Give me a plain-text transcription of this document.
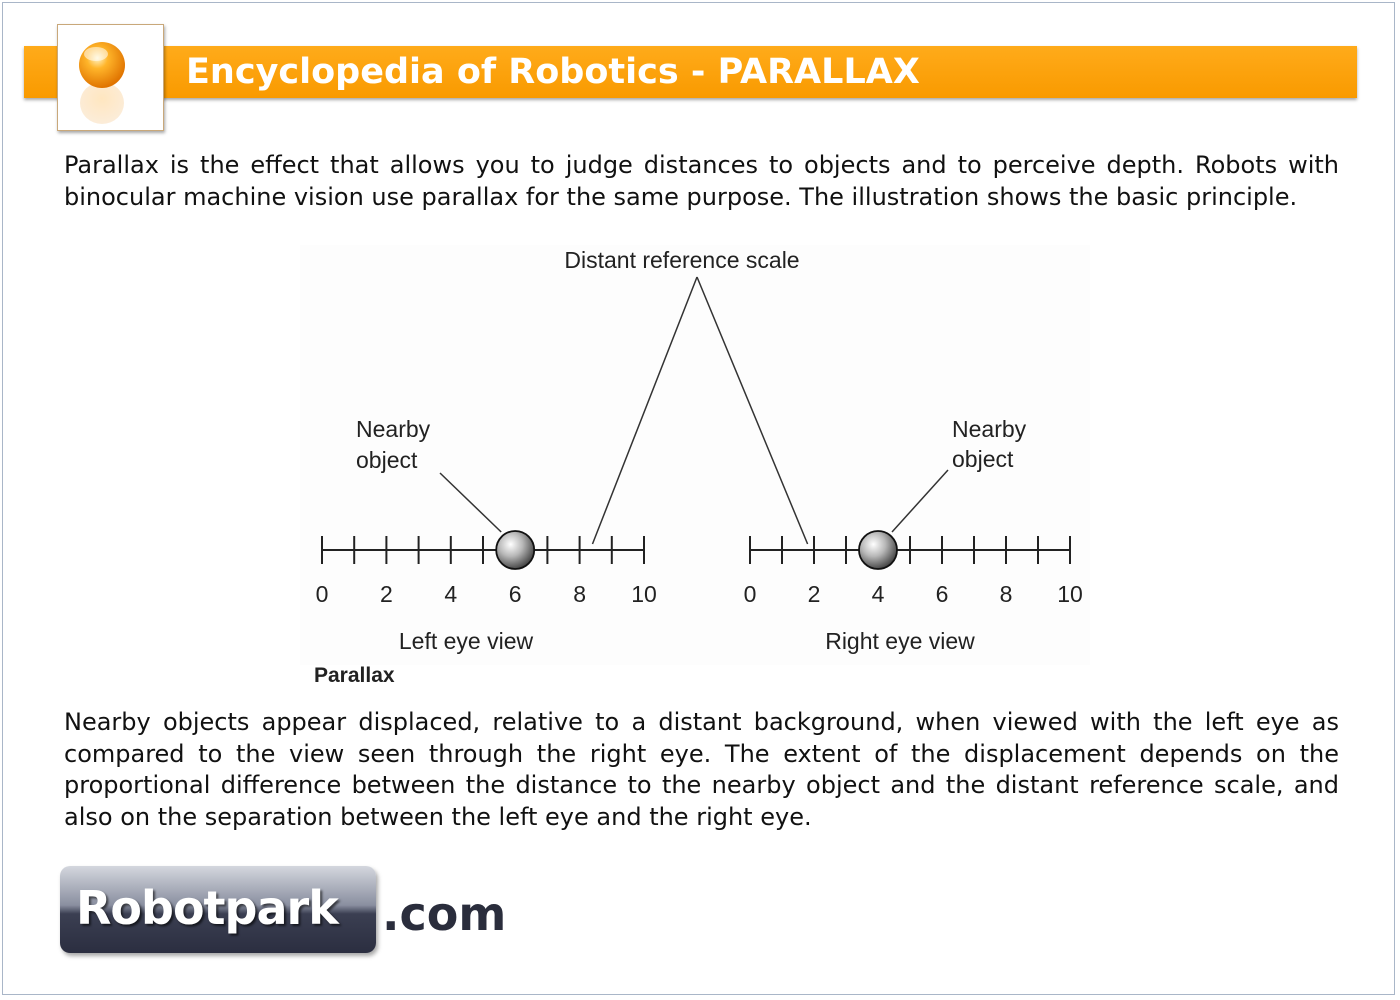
Encyclopedia of Robotics - PARALLAX

Parallax is the effect that allows you to judge distances to objects and to perceive depth. Robots with binocular machine vision use parallax for the same purpose. The illustration shows the basic principle.

Distant reference scale
Nearby
object
Nearby
object
Left eye view	Right eye view
0 2 4 6 8 10	0 2 4 6 8 10
Parallax

Nearby objects appear displaced, relative to a distant background, when viewed with the left eye as compared to the view seen through the right eye. The extent of the displacement depends on the proportional difference between the distance to the nearby object and the distant reference scale, and also on the separation between the left eye and the right eye.

Robotpark .com
